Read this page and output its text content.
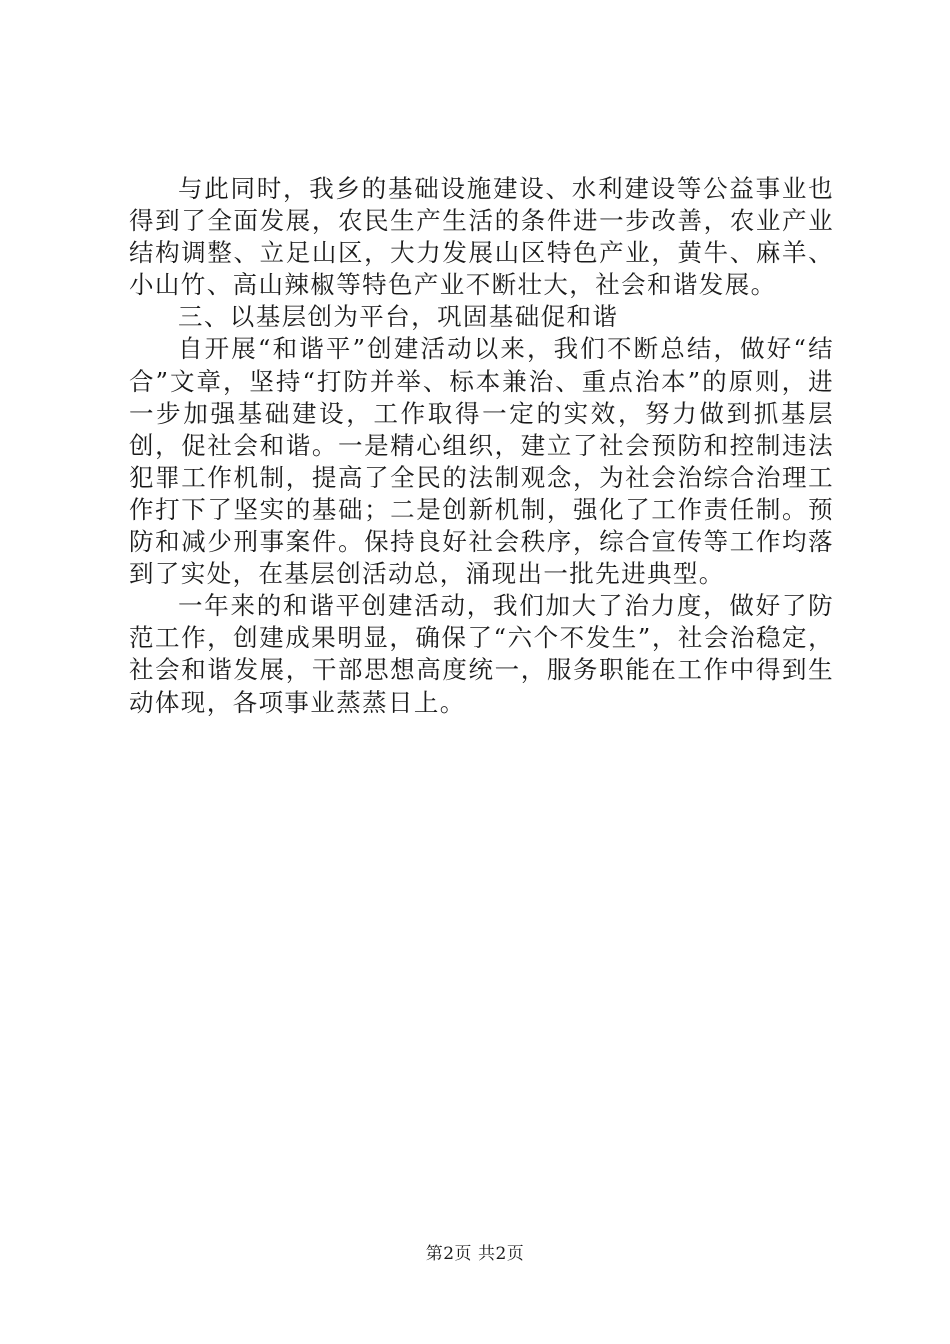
与此同时，我乡的基础设施建设、水利建设等公益事业也得到了全面发展，农民生产生活的条件进一步改善，农业产业结构调整、立足山区，大力发展山区特色产业，黄牛、麻羊、小山竹、高山辣椒等特色产业不断壮大，社会和谐发展。

三、以基层创为平台，巩固基础促和谐

自开展“和谐平”创建活动以来，我们不断总结，做好“结合”文章，坚持“打防并举、标本兼治、重点治本”的原则，进一步加强基础建设，工作取得一定的实效，努力做到抓基层创，促社会和谐。一是精心组织，建立了社会预防和控制违法犯罪工作机制，提高了全民的法制观念，为社会治综合治理工作打下了坚实的基础；二是创新机制，强化了工作责任制。预防和减少刑事案件。保持良好社会秩序，综合宣传等工作均落到了实处，在基层创活动总，涌现出一批先进典型。

一年来的和谐平创建活动，我们加大了治力度，做好了防范工作，创建成果明显，确保了“六个不发生”，社会治稳定，社会和谐发展，干部思想高度统一，服务职能在工作中得到生动体现，各项事业蒸蒸日上。

第2页 共2页
